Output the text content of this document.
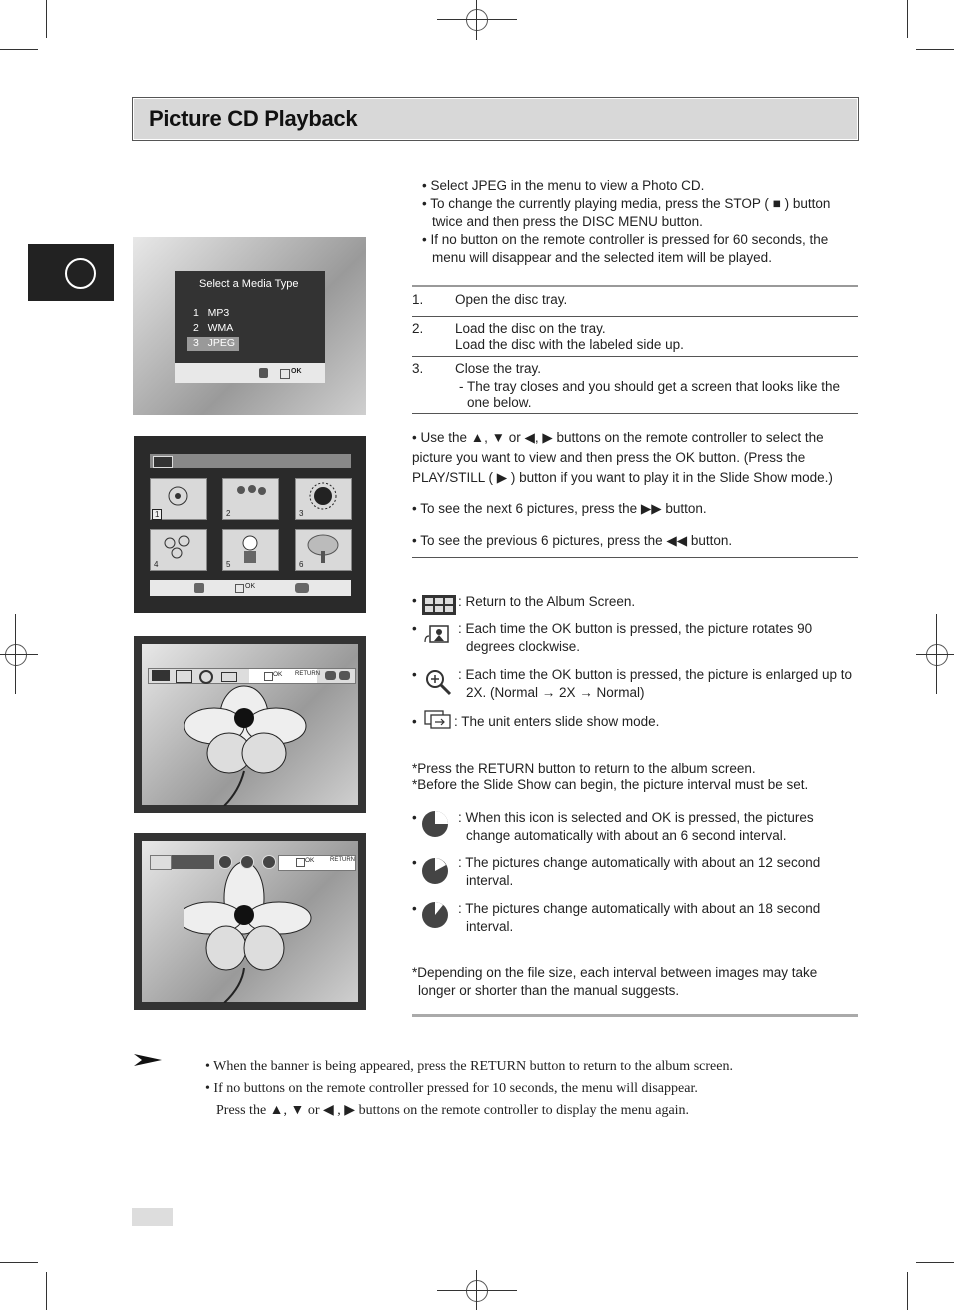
Picture CD Playback
• Select JPEG in the menu to view a Photo CD.
• To change the currently playing media, press the STOP ( ■ ) button twice and then press the DISC MENU button.
• If no button on the remote controller is pressed for 60 seconds, the menu will disappear and the selected item will be played.
1. Open the disc tray.
2. Load the disc on the tray.
Load the disc with the labeled side up.
3. Close the tray.
- The tray closes and you should get a screen that looks like the one below.
• Use the ▲, ▼ or ◀, ▶ buttons on the remote controller to select the picture you want to view and then press the OK button. (Press the PLAY/STILL ( ▶ ) button if you want to play it in the Slide Show mode.)
• To see the next 6 pictures, press the ▶▶ button.
• To see the previous 6 pictures, press the ◀◀ button.
•	: Return to the Album Screen.
•	: Each time the OK button is pressed, the picture rotates 90 degrees clockwise.
•	: Each time the OK button is pressed, the picture is enlarged up to 2X. (Normal → 2X → Normal)
•	: The unit enters slide show mode.
*Press the RETURN button to return to the album screen.
*Before the Slide Show can begin, the picture interval must be set.
•	: When this icon is selected and OK is pressed, the pictures change automatically with about an 6 second interval.
•	: The pictures change automatically with about an 12 second interval.
•	: The pictures change automatically with about an 18 second interval.
*Depending on the file size, each interval between images may take longer or shorter than the manual suggests.
Select a Media Type
1   MP3
2   WMA
3   JPEG
OK
1	2	3
4	5	6
OK
OK RETURN
OK	RETURN
• When the banner is being appeared, press the RETURN button to return to the album screen.
• If no buttons on the remote controller pressed for 10 seconds, the menu will disappear.
Press the ▲, ▼ or ◀ , ▶ buttons on the remote controller to display the menu again.
